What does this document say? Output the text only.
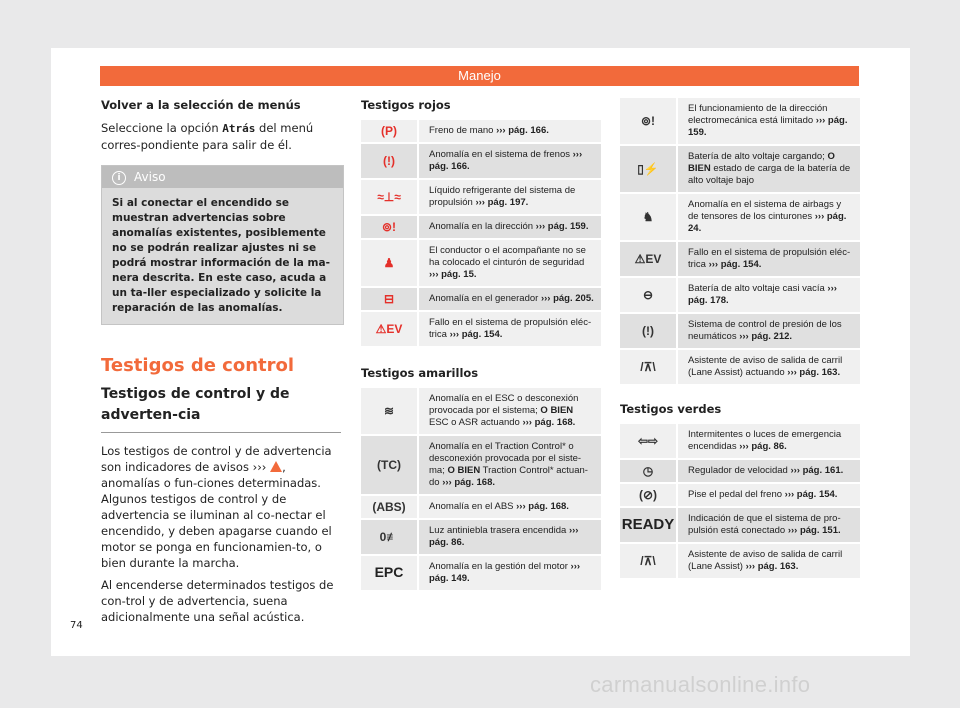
Manejo
Volver a la selección de menús
Seleccione la opción Atrás del menú corres-pondiente para salir de él.
i Aviso
Si al conectar el encendido se muestran advertencias sobre anomalías existentes, posiblemente no se podrán realizar ajustes ni se podrá mostrar información de la ma-nera descrita. En este caso, acuda a un ta-ller especializado y solicite la reparación de las anomalías.
Testigos de control
Testigos de control y de adverten-cia
Los testigos de control y de advertencia son indicadores de avisos ››› , anomalías o fun-ciones determinadas. Algunos testigos de control y de advertencia se iluminan al co-nectar el encendido, y deben apagarse cuando el motor se ponga en funcionamien-to, o bien durante la marcha.
Al encenderse determinados testigos de con-trol y de advertencia, suena adicionalmente una señal acústica.
Testigos rojos
(P)	Freno de mano ››› pág. 166.
(!)	Anomalía en el sistema de frenos ››› pág. 166.
≈⊥≈	Líquido refrigerante del sistema de propulsión ››› pág. 197.
⊚!	Anomalía en la dirección ››› pág. 159.
♟	El conductor o el acompañante no se ha colocado el cinturón de seguridad ››› pág. 15.
⊟	Anomalía en el generador ››› pág. 205.
⚠EV	Fallo en el sistema de propulsión eléc-trica ››› pág. 154.
Testigos amarillos
≋	Anomalía en el ESC o desconexión provocada por el sistema; O BIEN ESC o ASR actuando ››› pág. 168.
(TC)	Anomalía en el Traction Control* o desconexión provocada por el siste-ma; O BIEN Traction Control* actuan-do ››› pág. 168.
(ABS)	Anomalía en el ABS ››› pág. 168.
0≢	Luz antiniebla trasera encendida ››› pág. 86.
EPC	Anomalía en la gestión del motor ››› pág. 149.
⊚!	El funcionamiento de la dirección electromecánica está limitado ››› pág. 159.
▯⚡	Batería de alto voltaje cargando; O BIEN estado de carga de la batería de alto voltaje bajo
♞	Anomalía en el sistema de airbags y de tensores de los cinturones ››› pág. 24.
⚠EV	Fallo en el sistema de propulsión eléc-trica ››› pág. 154.
⊖	Batería de alto voltaje casi vacía ››› pág. 178.
(!)	Sistema de control de presión de los neumáticos ››› pág. 212.
/⊼\	Asistente de aviso de salida de carril (Lane Assist) actuando ››› pág. 163.
Testigos verdes
⇦⇨	Intermitentes o luces de emergencia encendidas ››› pág. 86.
◷	Regulador de velocidad ››› pág. 161.
(⊘)	Pise el pedal del freno ››› pág. 154.
READY	Indicación de que el sistema de pro-pulsión está conectado ››› pág. 151.
/⊼\	Asistente de aviso de salida de carril (Lane Assist) ››› pág. 163.
74
carmanualsonline.info
